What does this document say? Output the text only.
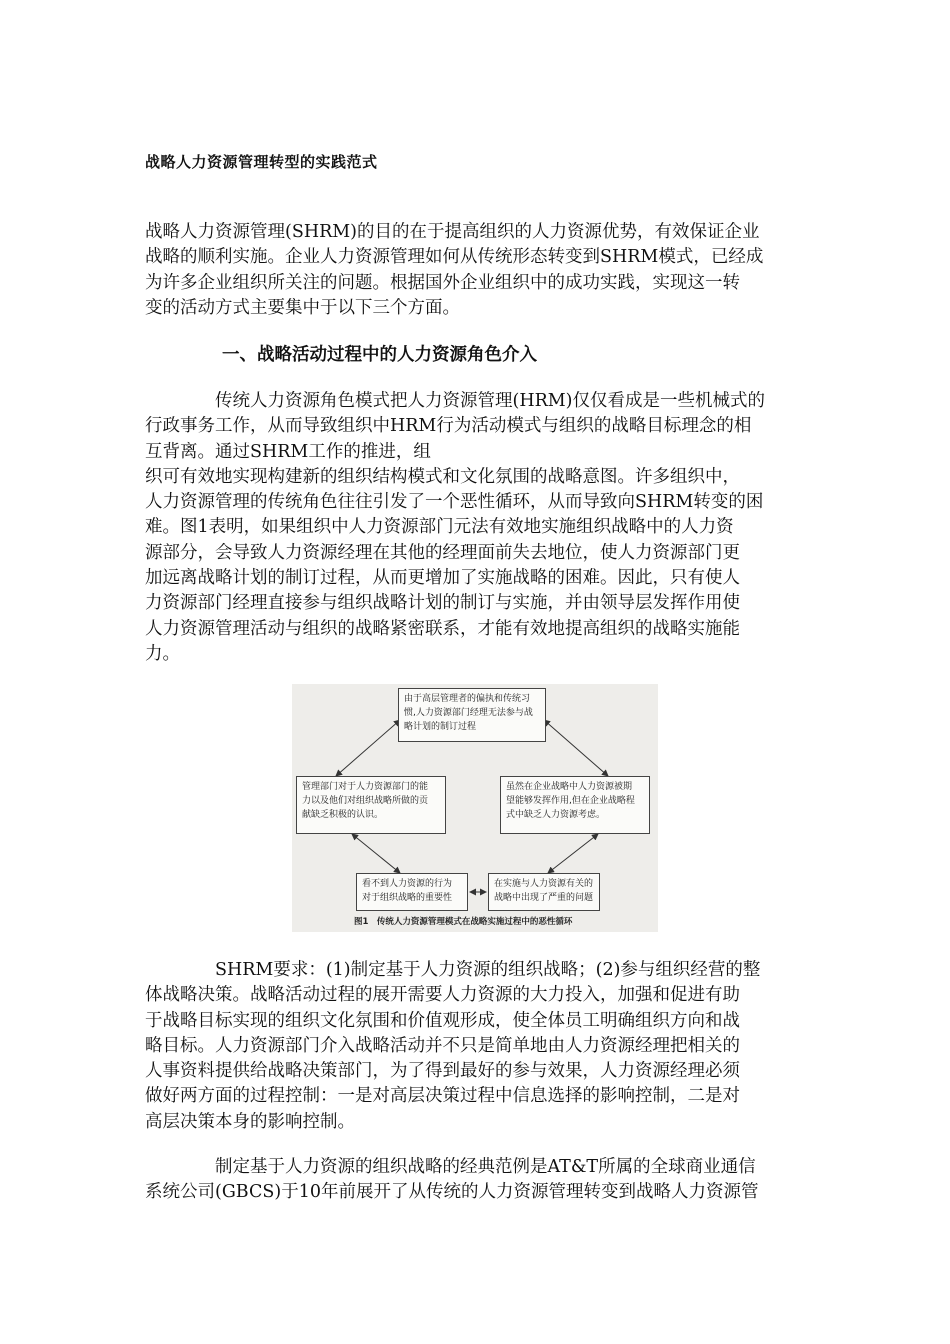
战略人力资源管理转型的实践范式
战略人力资源管理(SHRM)的目的在于提高组织的人力资源优势，有效保证企业
战略的顺利实施。企业人力资源管理如何从传统形态转变到SHRM模式，已经成
为许多企业组织所关注的问题。根据国外企业组织中的成功实践，实现这一转
变的活动方式主要集中于以下三个方面。
一、战略活动过程中的人力资源角色介入
　　　　传统人力资源角色模式把人力资源管理(HRM)仅仅看成是一些机械式的
行政事务工作，从而导致组织中HRM行为活动模式与组织的战略目标理念的相
互背离。通过SHRM工作的推进，组
织可有效地实现构建新的组织结构模式和文化氛围的战略意图。许多组织中，
人力资源管理的传统角色往往引发了一个恶性循环，从而导致向SHRM转变的困
难。图1表明，如果组织中人力资源部门元法有效地实施组织战略中的人力资
源部分，会导致人力资源经理在其他的经理面前失去地位，使人力资源部门更
加远离战略计划的制订过程，从而更增加了实施战略的困难。因此，只有使人
力资源部门经理直接参与组织战略计划的制订与实施，并由领导层发挥作用使
人力资源管理活动与组织的战略紧密联系，才能有效地提高组织的战略实施能
力。
由于高层管理者的偏执和传统习
惯,人力资源部门经理无法参与战
略计划的制订过程
管理部门对于人力资源部门的能
力以及他们对组织战略所做的贡
献缺乏积极的认识。
虽然在企业战略中人力资源被期
望能够发挥作用,但在企业战略程
式中缺乏人力资源考虑。
看不到人力资源的行为
对于组织战略的重要性
在实施与人力资源有关的
战略中出现了严重的问题
图1　传统人力资源管理模式在战略实施过程中的恶性循环
　　　　SHRM要求：(1)制定基于人力资源的组织战略；(2)参与组织经营的整
体战略决策。战略活动过程的展开需要人力资源的大力投入，加强和促进有助
于战略目标实现的组织文化氛围和价值观形成，使全体员工明确组织方向和战
略目标。人力资源部门介入战略活动并不只是简单地由人力资源经理把相关的
人事资料提供给战略决策部门，为了得到最好的参与效果，人力资源经理必须
做好两方面的过程控制：一是对高层决策过程中信息选择的影响控制，二是对
高层决策本身的影响控制。
　　　　制定基于人力资源的组织战略的经典范例是AT&T所属的全球商业通信
系统公司(GBCS)于10年前展开了从传统的人力资源管理转变到战略人力资源管
